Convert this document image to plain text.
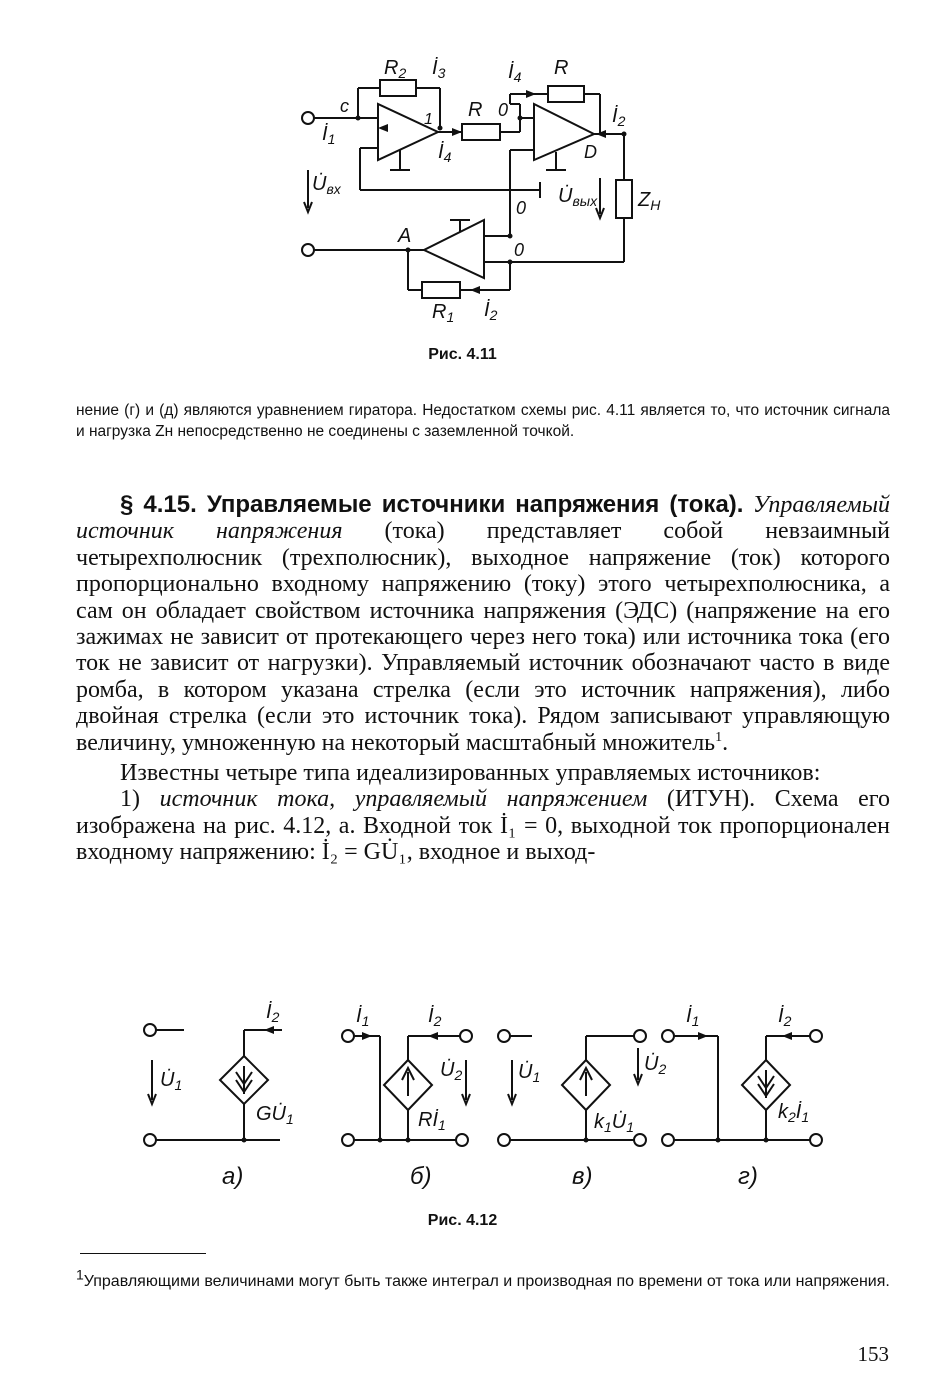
$R_2$ $İ_3$	$İ_4$ R
c
1 R 0	$İ_2$
$İ_1$
$İ_4$	D
$U̇_{вх}$
0
$U̇_{вых}$ $Z_Н$
A
0
$R_1$ $İ_2$
Рис. 4.11
нение (г) и (д) являются уравнением гиратора. Недостатком схемы рис. 4.11 является то, что источник сигнала и нагрузка Zн непосредственно не соединены с заземленной точкой.

§ 4.15. Управляемые источники напряжения (тока). Управляемый источник напряжения (тока) представляет собой невзаимный четырехполюсник (трехполюсник), выходное напряжение (ток) которого пропорционально входному напряжению (току) этого четырехполюсника, а сам он обладает свойством источника напряжения (ЭДС) (напряжение на его зажимах не зависит от протекающего через него тока) или источника тока (его ток не зависит от нагрузки). Управляемый источник обозначают часто в виде ромба, в котором указана стрелка (если это источник напряжения), либо двойная стрелка (если это источник тока). Рядом записывают управляющую величину, умноженную на некоторый масштабный множитель$^1$.

Известны четыре типа идеализированных управляемых источников:

1) источник тока, управляемый напряжением (ИТУН). Схема его изображена на рис. 4.12, а. Входной ток İ₁ = 0, выходной ток пропорционален входному напряжению: İ₂ = GU̇₁, входное и выход-

$İ_2$
$U̇_1$
$GU̇_1$
а)
$İ_1$	$İ_2$
$U̇_2$
$Rİ_1$
б)
$U̇_1$
$U̇_2$
$k_1U̇_1$
в)
$İ_1$	$İ_2$
$k_2İ_1$
г)
Рис. 4.12
$^1$Управляющими величинами могут быть также интеграл и производная по времени от тока или напряжения.
153
